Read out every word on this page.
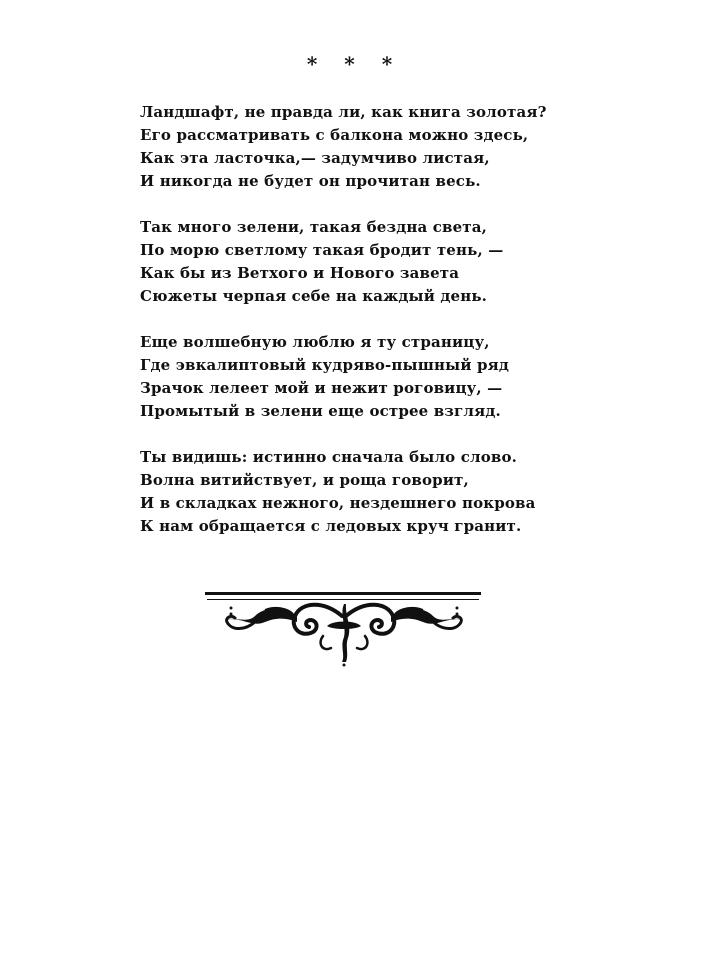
* * *
Ландшафт, не правда ли, как книга золотая?
Его рассматривать с балкона можно здесь,
Как эта ласточка,— задумчиво листая,
И никогда не будет он прочитан весь.
Так много зелени, такая бездна света,
По морю светлому такая бродит тень, —
Как бы из Ветхого и Нового завета
Сюжеты черпая себе на каждый день.
Еще волшебную люблю я ту страницу,
Где эвкалиптовый кудряво-пышный ряд
Зрачок лелеет мой и нежит роговицу, —
Промытый в зелени еще острее взгляд.
Ты видишь: истинно сначала было слово.
Волна витийствует, и роща говорит,
И в складках нежного, нездешнего покрова
К нам обращается с ледовых круч гранит.
